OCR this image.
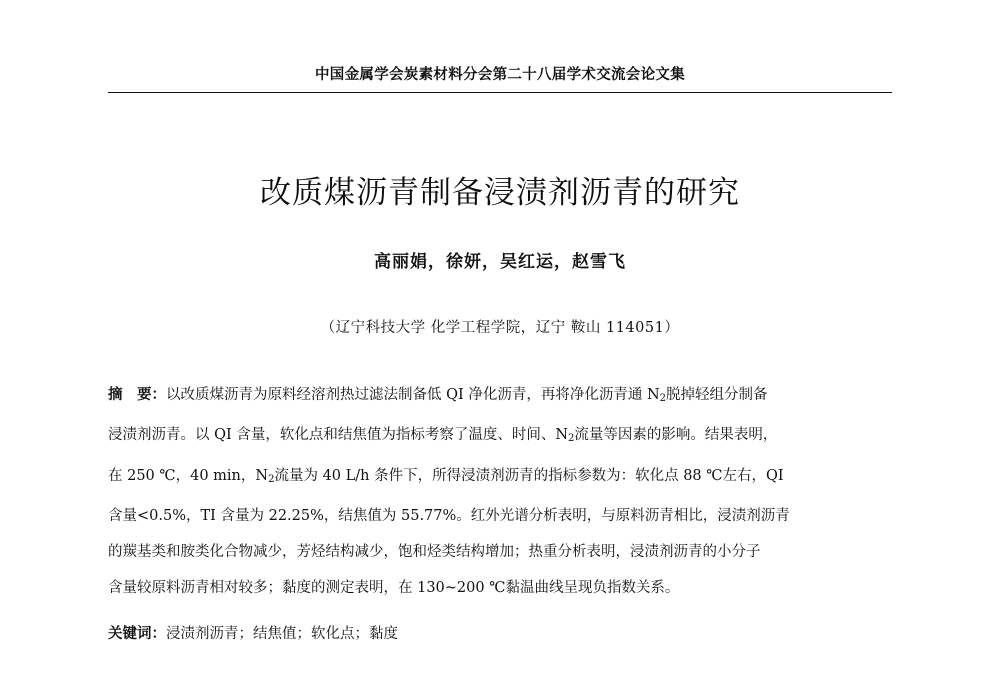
中国金属学会炭素材料分会第二十八届学术交流会论文集
改质煤沥青制备浸渍剂沥青的研究
高丽娟，徐妍，吴红运，赵雪飞
（辽宁科技大学 化学工程学院，辽宁 鞍山 114051）
摘　要：以改质煤沥青为原料经溶剂热过滤法制备低 QI 净化沥青，再将净化沥青通 $N_2$脱掉轻组分制备
浸渍剂沥青。以 QI 含量，软化点和结焦值为指标考察了温度、时间、$N_2$流量等因素的影响。结果表明，
在 250 ℃，40 min，$N_2$流量为 40 L/h 条件下，所得浸渍剂沥青的指标参数为：软化点 88 ℃左右，QI
含量<0.5%，TI 含量为 22.25%，结焦值为 55.77%。红外光谱分析表明，与原料沥青相比，浸渍剂沥青
的羰基类和胺类化合物减少，芳烃结构减少，饱和烃类结构增加；热重分析表明，浸渍剂沥青的小分子
含量较原料沥青相对较多；黏度的测定表明，在 130~200 ℃黏温曲线呈现负指数关系。
关键词：浸渍剂沥青；结焦值；软化点；黏度
